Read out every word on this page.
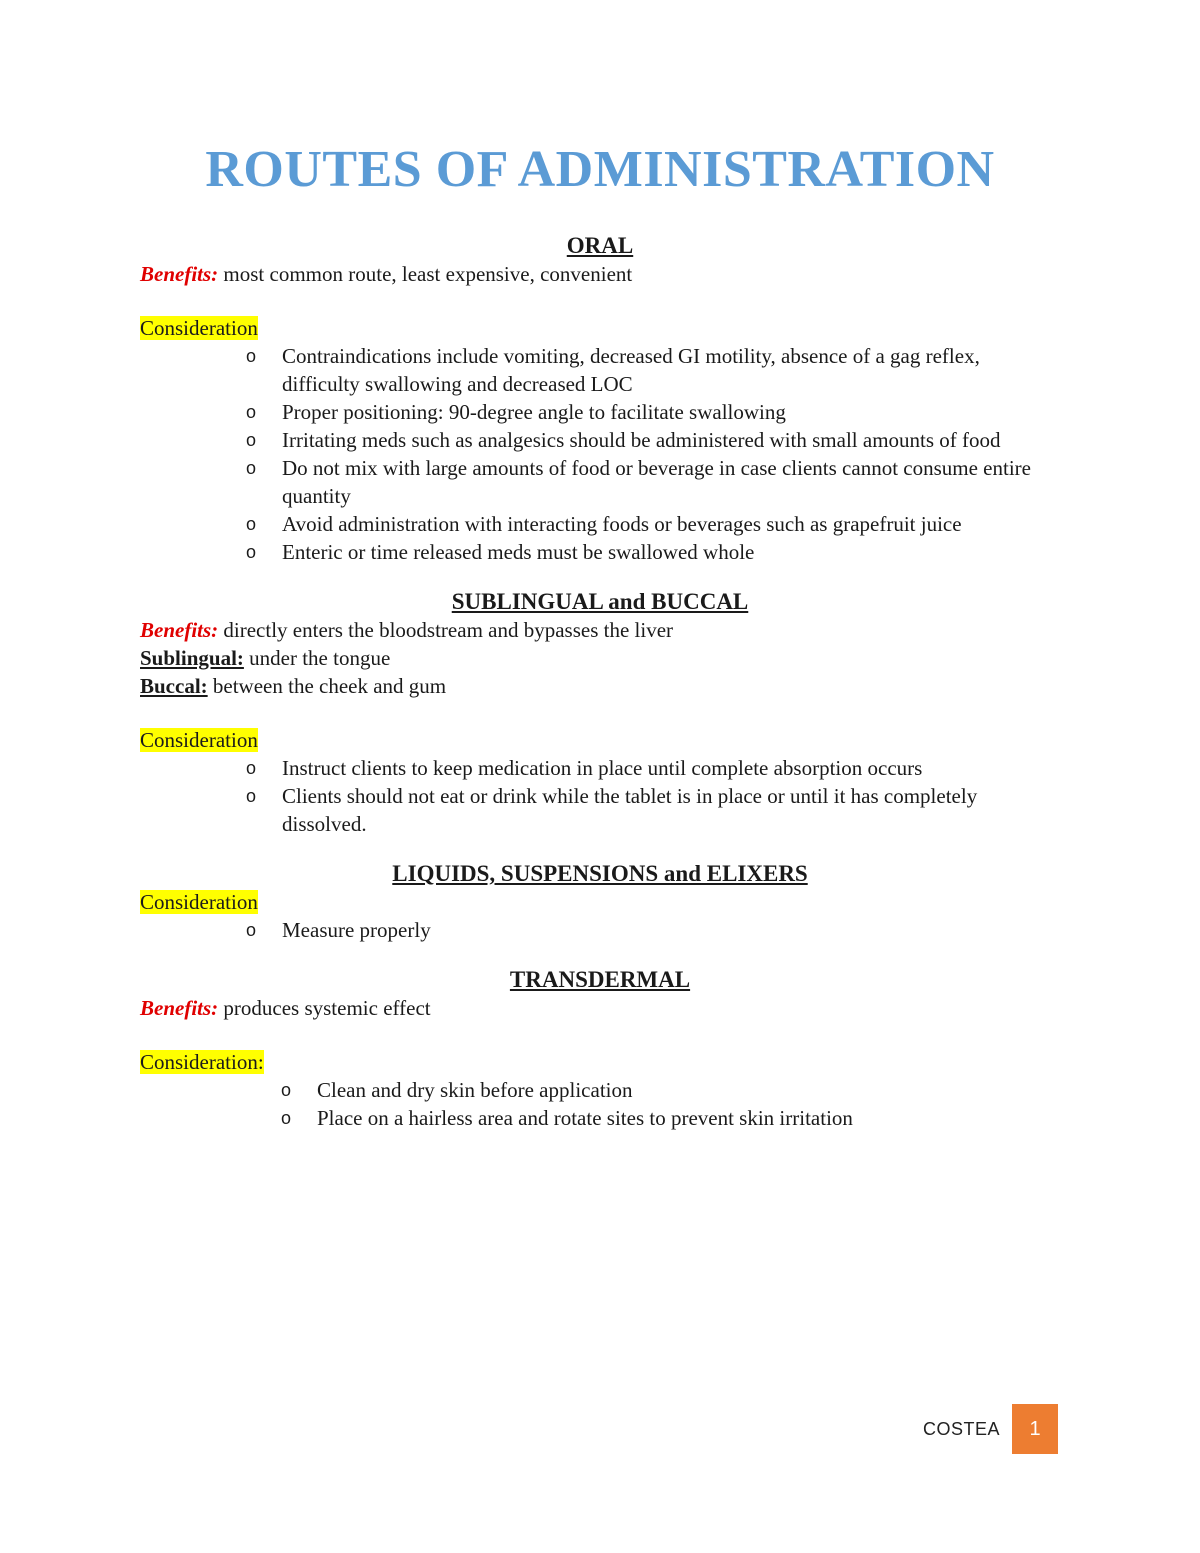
ROUTES OF ADMINISTRATION

ORAL

Benefits: most common route, least expensive, convenient

Consideration

o	Contraindications include vomiting, decreased GI motility, absence of a gag reflex, difficulty swallowing and decreased LOC
o	Proper positioning: 90-degree angle to facilitate swallowing
o	Irritating meds such as analgesics should be administered with small amounts of food
o	Do not mix with large amounts of food or beverage in case clients cannot consume entire quantity
o	Avoid administration with interacting foods or beverages such as grapefruit juice
o	Enteric or time released meds must be swallowed whole

SUBLINGUAL and BUCCAL

Benefits: directly enters the bloodstream and bypasses the liver

Sublingual: under the tongue

Buccal: between the cheek and gum

Consideration

o	Instruct clients to keep medication in place until complete absorption occurs
o	Clients should not eat or drink while the tablet is in place or until it has completely dissolved.

LIQUIDS, SUSPENSIONS and ELIXERS

Consideration

o	Measure properly

TRANSDERMAL

Benefits: produces systemic effect

Consideration:

o	Clean and dry skin before application
o	Place on a hairless area and rotate sites to prevent skin irritation
COSTEA 1
